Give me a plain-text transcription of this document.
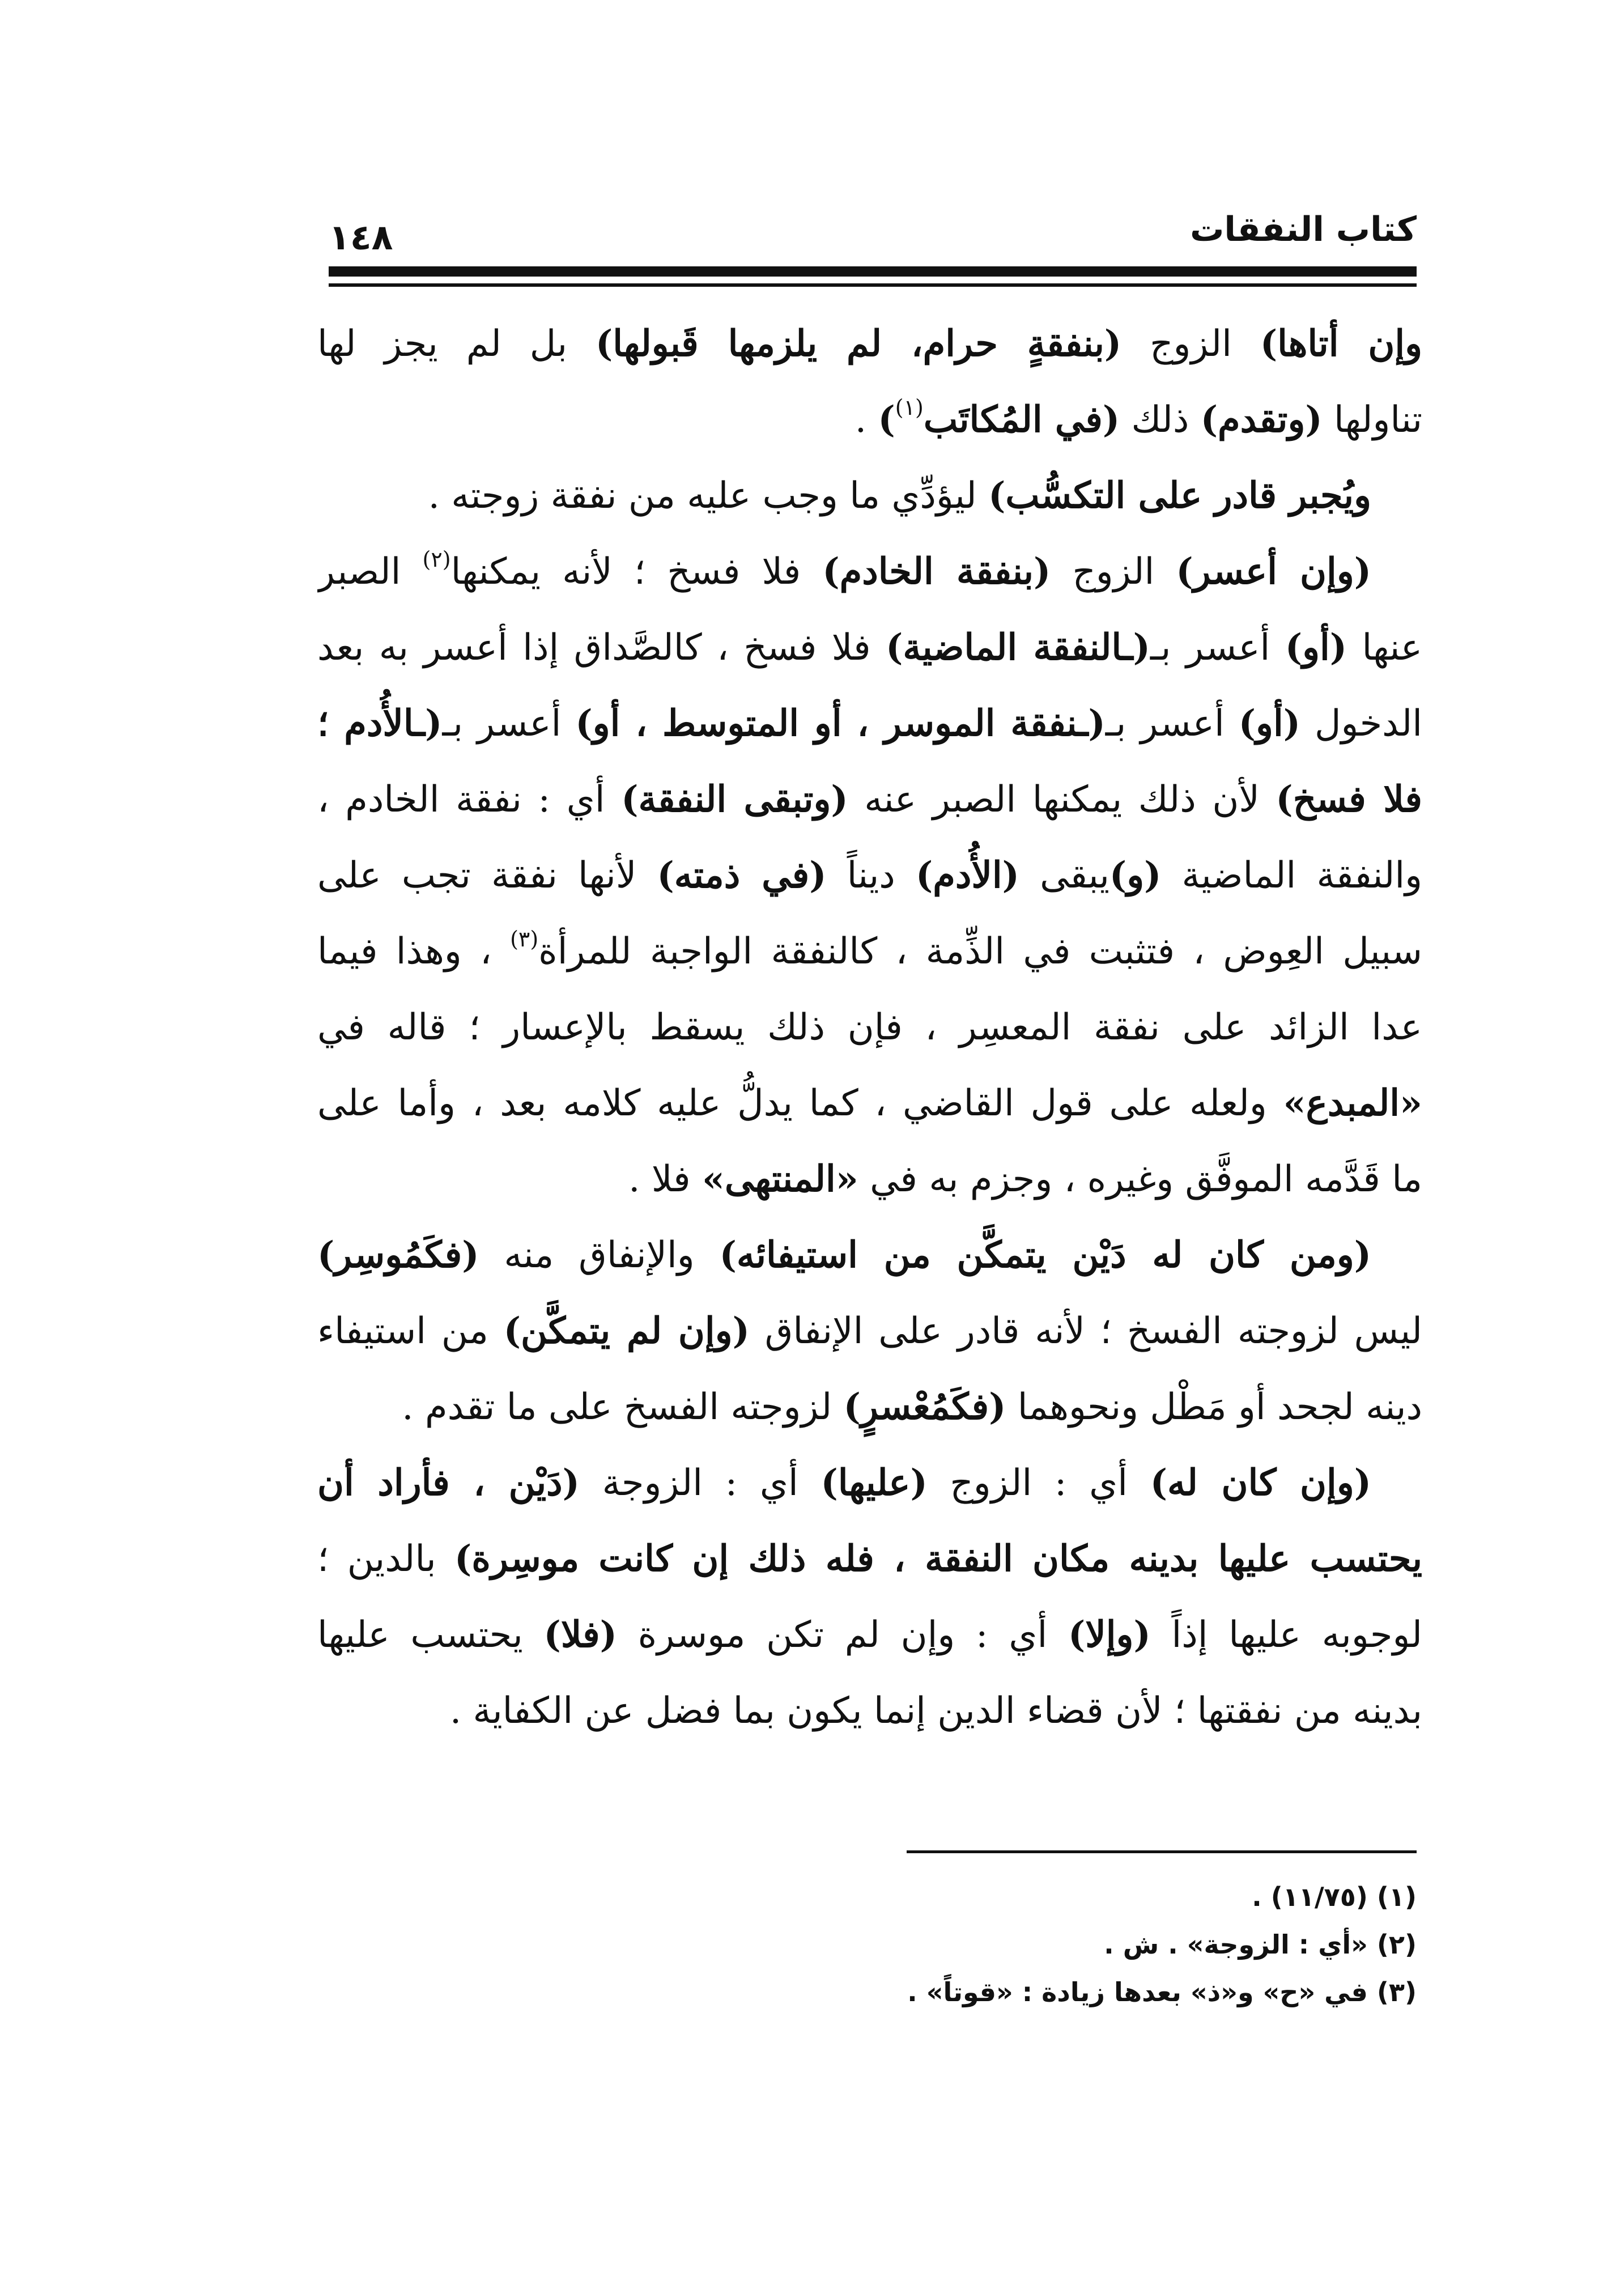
كتاب النفقات
١٤٨
وإن أتاها) الزوج (بنفقةٍ حرام، لم يلزمها قَبولها) بل لم يجز لها
تناولها (وتقدم) ذلك (في المُكاتَب$^{(١)}$) .
ويُجبر قادر على التكسُّب) ليؤدِّي ما وجب عليه من نفقة زوجته .
(وإن أعسر) الزوج (بنفقة الخادم) فلا فسخ ؛ لأنه يمكنها$^{(٢)}$ الصبر
عنها (أو) أعسر بـ(ـالنفقة الماضية) فلا فسخ ، كالصَّداق إذا أعسر به بعد
الدخول (أو) أعسر بـ(ـنفقة الموسر ، أو المتوسط ، أو) أعسر بـ(ـالأُدم ؛
فلا فسخ) لأن ذلك يمكنها الصبر عنه (وتبقى النفقة) أي : نفقة الخادم ،
والنفقة الماضية (و)يبقى (الأُدم) ديناً (في ذمته) لأنها نفقة تجب على
سبيل العِوض ، فتثبت في الذِّمة ، كالنفقة الواجبة للمرأة$^{(٣)}$ ، وهذا فيما
عدا الزائد على نفقة المعسِر ، فإن ذلك يسقط بالإعسار ؛ قاله في
«المبدع» ولعله على قول القاضي ، كما يدلُّ عليه كلامه بعد ، وأما على
ما قَدَّمه الموفَّق وغيره ، وجزم به في «المنتهى» فلا .
(ومن كان له دَيْن يتمكَّن من استيفائه) والإنفاق منه (فكَمُوسِر)
ليس لزوجته الفسخ ؛ لأنه قادر على الإنفاق (وإن لم يتمكَّن) من استيفاء
دينه لجحد أو مَطْل ونحوهما (فكَمُعْسرٍ) لزوجته الفسخ على ما تقدم .
(وإن كان له) أي : الزوج (عليها) أي : الزوجة (دَيْن ، فأراد أن
يحتسب عليها بدينه مكان النفقة ، فله ذلك إن كانت موسِرة) بالدين ؛
لوجوبه عليها إذاً (وإلا) أي : وإن لم تكن موسرة (فلا) يحتسب عليها
بدينه من نفقتها ؛ لأن قضاء الدين إنما يكون بما فضل عن الكفاية .
(١) (١١/٧٥) .
(٢) «أي : الزوجة» . ش .
(٣) في «ح» و«ذ» بعدها زيادة : «قوتاً» .
